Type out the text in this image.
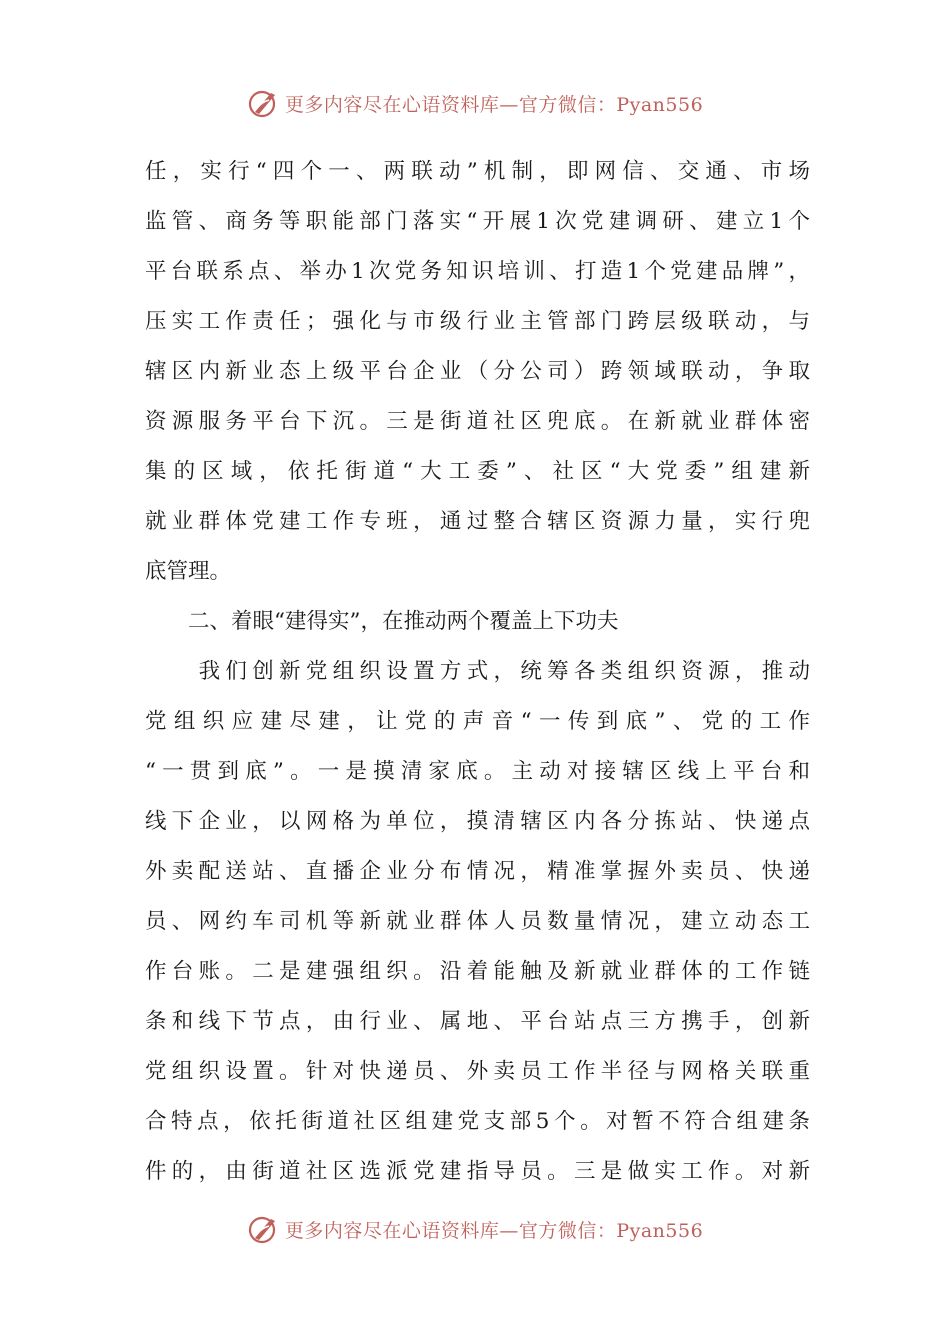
更多内容尽在心语资料库—官方微信：Pyan556
任，实行“四个一、两联动”机制，即网信、交通、市场
监管、商务等职能部门落实“开展1次党建调研、建立1个
平台联系点、举办1次党务知识培训、打造1个党建品牌”，
压实工作责任；强化与市级行业主管部门跨层级联动，与
辖区内新业态上级平台企业（分公司）跨领域联动，争取
资源服务平台下沉。三是街道社区兜底。在新就业群体密
集的区域，依托街道“大工委”、社区“大党委”组建新
就业群体党建工作专班，通过整合辖区资源力量，实行兜
底管理。
　　二、着眼“建得实”，在推动两个覆盖上下功夫
　　我们创新党组织设置方式，统筹各类组织资源，推动
党组织应建尽建，让党的声音“一传到底”、党的工作
“一贯到底”。一是摸清家底。主动对接辖区线上平台和
线下企业，以网格为单位，摸清辖区内各分拣站、快递点
外卖配送站、直播企业分布情况，精准掌握外卖员、快递
员、网约车司机等新就业群体人员数量情况，建立动态工
作台账。二是建强组织。沿着能触及新就业群体的工作链
条和线下节点，由行业、属地、平台站点三方携手，创新
党组织设置。针对快递员、外卖员工作半径与网格关联重
合特点，依托街道社区组建党支部5个。对暂不符合组建条
件的，由街道社区选派党建指导员。三是做实工作。对新
更多内容尽在心语资料库—官方微信：Pyan556
